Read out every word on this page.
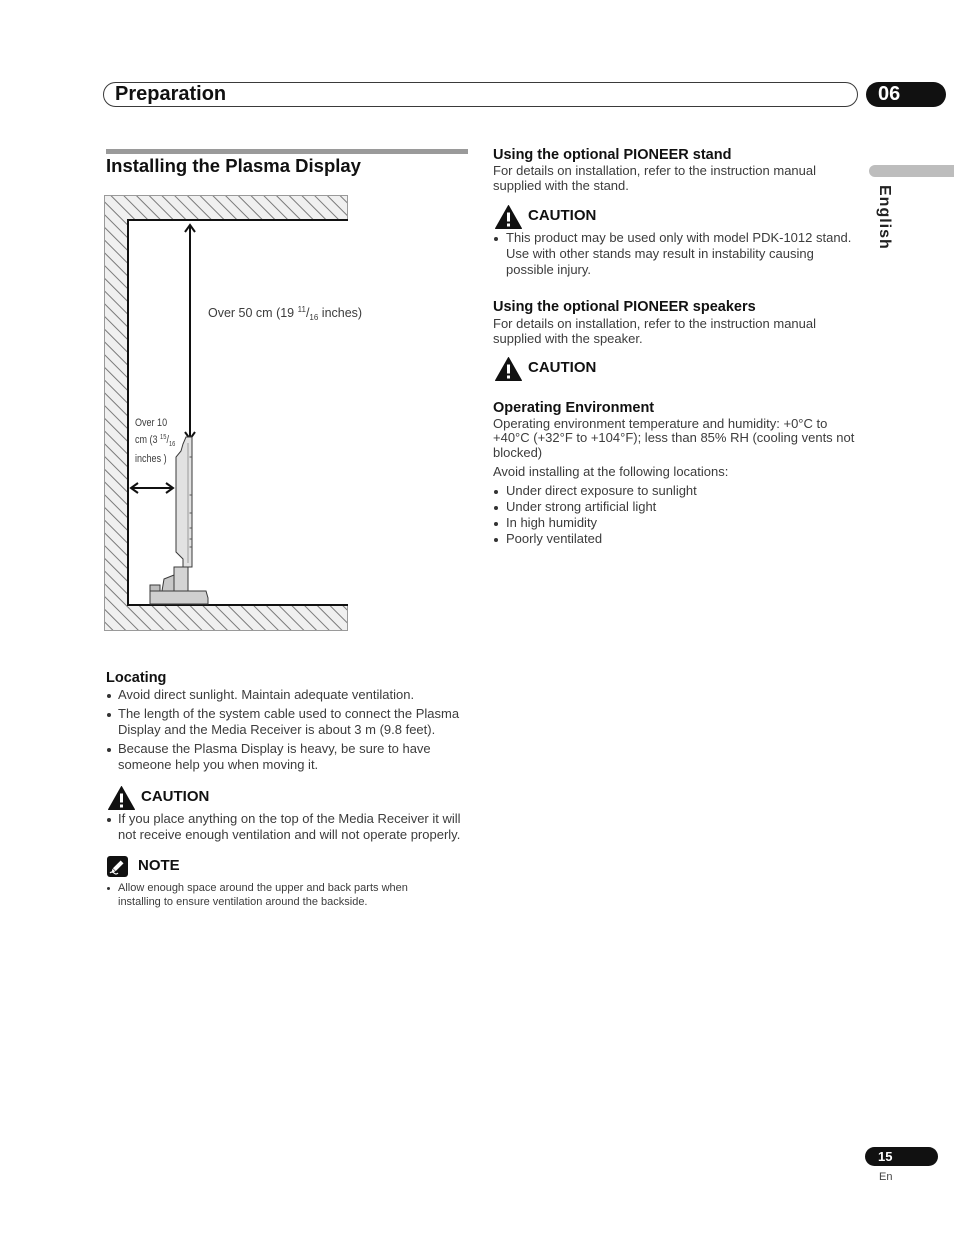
Preparation	06
English
Installing the Plasma Display
Over 50 cm (19 $^{11}/_{16}$ inches)
Over 10
cm (3 $^{15}/_{16}$
inches )
Locating
Avoid direct sunlight. Maintain adequate ventilation.
The length of the system cable used to connect the Plasma
Display and the Media Receiver is about 3 m (9.8 feet).
Because the Plasma Display is heavy, be sure to have
someone help you when moving it.
CAUTION
If you place anything on the top of the Media Receiver it will
not receive enough ventilation and will not operate properly.
NOTE
Allow enough space around the upper and back parts when
installing to ensure ventilation around the backside.
Using the optional PIONEER stand
For details on installation, refer to the instruction manual
supplied with the stand.
CAUTION
This product may be used only with model PDK-1012 stand.
Use with other stands may result in instability causing
possible injury.
Using the optional PIONEER speakers
For details on installation, refer to the instruction manual
supplied with the speaker.
CAUTION
Operating Environment
Operating environment temperature and humidity: +0°C to
+40°C (+32°F to +104°F); less than 85% RH (cooling vents not
blocked)
Avoid installing at the following locations:
Under direct exposure to sunlight
Under strong artificial light
In high humidity
Poorly ventilated
15
En
